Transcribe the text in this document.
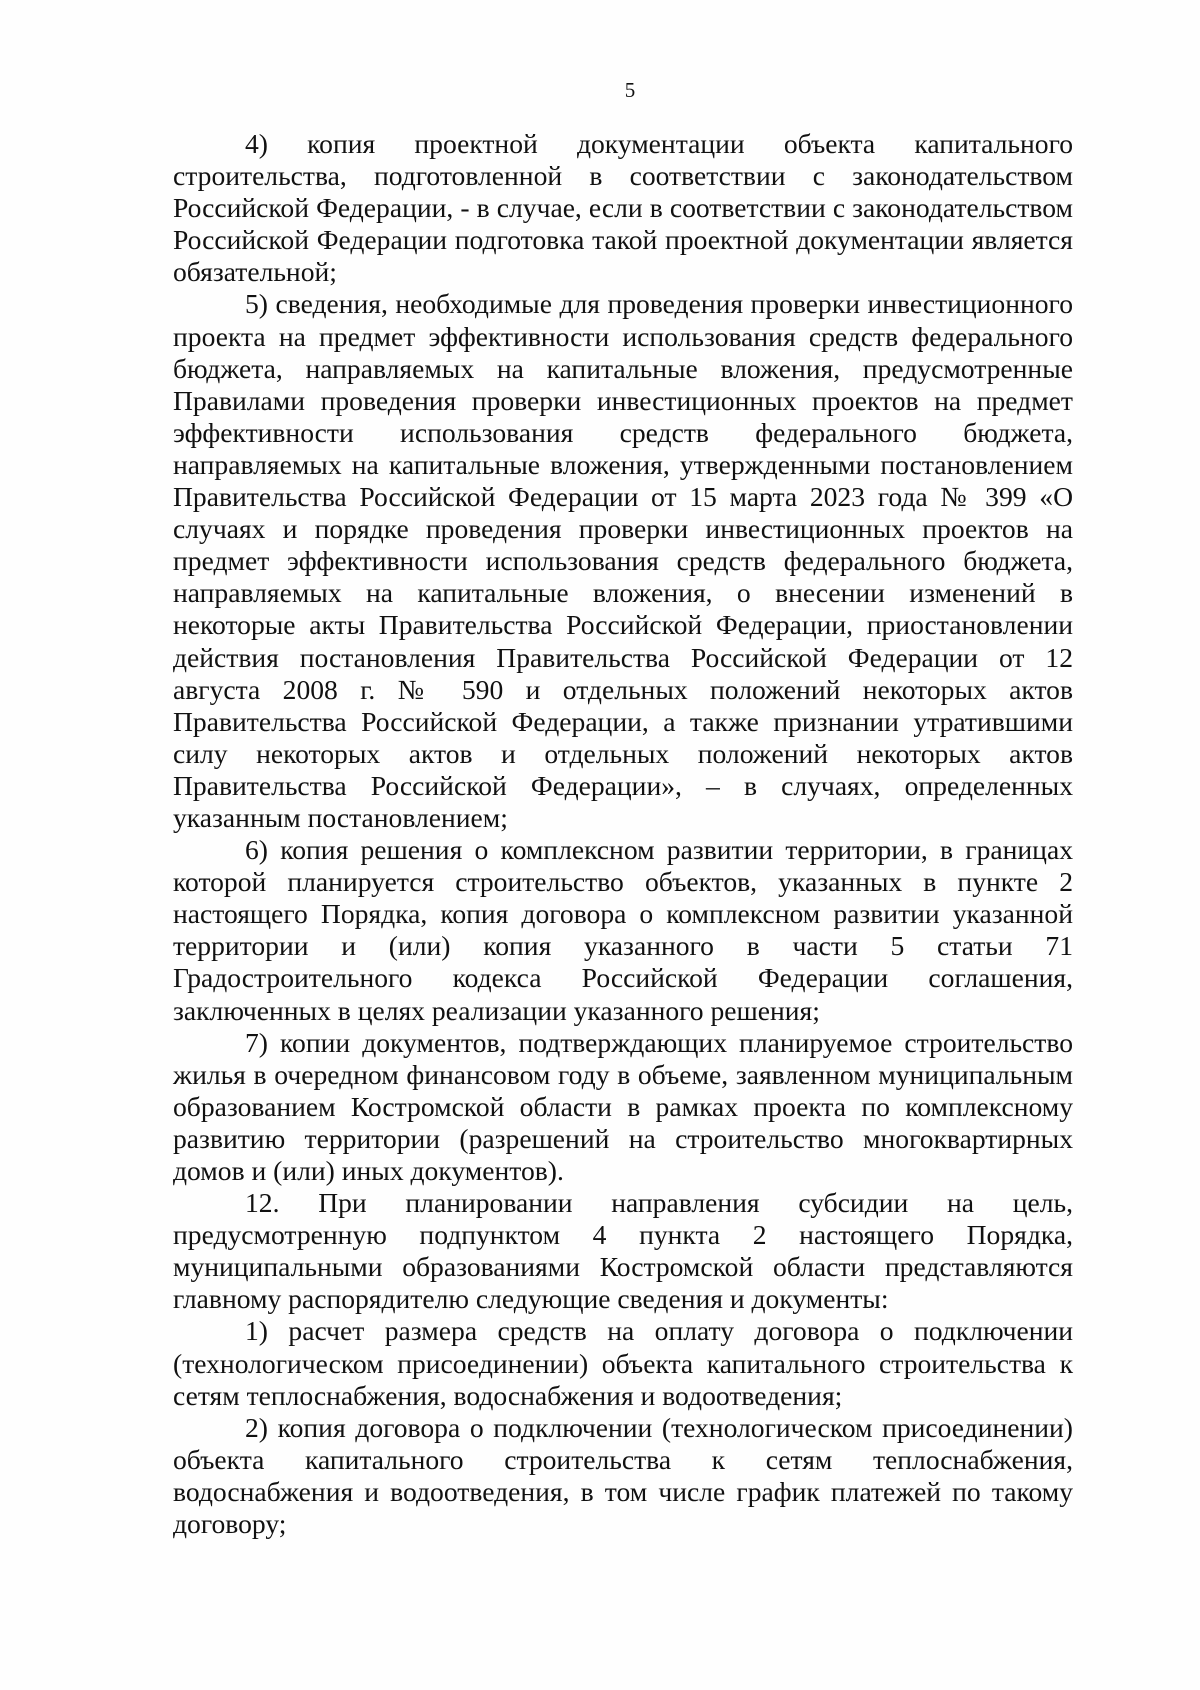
5

4) копия проектной документации объекта капитального строительства, подготовленной в соответствии с законодательством Российской Федерации, - в случае, если в соответствии с законодательством Российской Федерации подготовка такой проектной документации является обязательной;

5) сведения, необходимые для проведения проверки инвестиционного проекта на предмет эффективности использования средств федерального бюджета, направляемых на капитальные вложения, предусмотренные Правилами проведения проверки инвестиционных проектов на предмет эффективности использования средств федерального бюджета, направляемых на капитальные вложения, утвержденными постановлением Правительства Российской Федерации от 15 марта 2023 года № 399 «О случаях и порядке проведения проверки инвестиционных проектов на предмет эффективности использования средств федерального бюджета, направляемых на капитальные вложения, о внесении изменений в некоторые акты Правительства Российской Федерации, приостановлении действия постановления Правительства Российской Федерации от 12 августа 2008 г. № 590 и отдельных положений некоторых актов Правительства Российской Федерации, а также признании утратившими силу некоторых актов и отдельных положений некоторых актов Правительства Российской Федерации», – в случаях, определенных указанным постановлением;

6) копия решения о комплексном развитии территории, в границах которой планируется строительство объектов, указанных в пункте 2 настоящего Порядка, копия договора о комплексном развитии указанной территории и (или) копия указанного в части 5 статьи 71 Градостроительного кодекса Российской Федерации соглашения, заключенных в целях реализации указанного решения;

7) копии документов, подтверждающих планируемое строительство жилья в очередном финансовом году в объеме, заявленном муниципальным образованием Костромской области в рамках проекта по комплексному развитию территории (разрешений на строительство многоквартирных домов и (или) иных документов).

12. При планировании направления субсидии на цель, предусмотренную подпунктом 4 пункта 2 настоящего Порядка, муниципальными образованиями Костромской области представляются главному распорядителю следующие сведения и документы:

1) расчет размера средств на оплату договора о подключении (технологическом присоединении) объекта капитального строительства к сетям теплоснабжения, водоснабжения и водоотведения;

2) копия договора о подключении (технологическом присоединении) объекта капитального строительства к сетям теплоснабжения, водоснабжения и водоотведения, в том числе график платежей по такому договору;
